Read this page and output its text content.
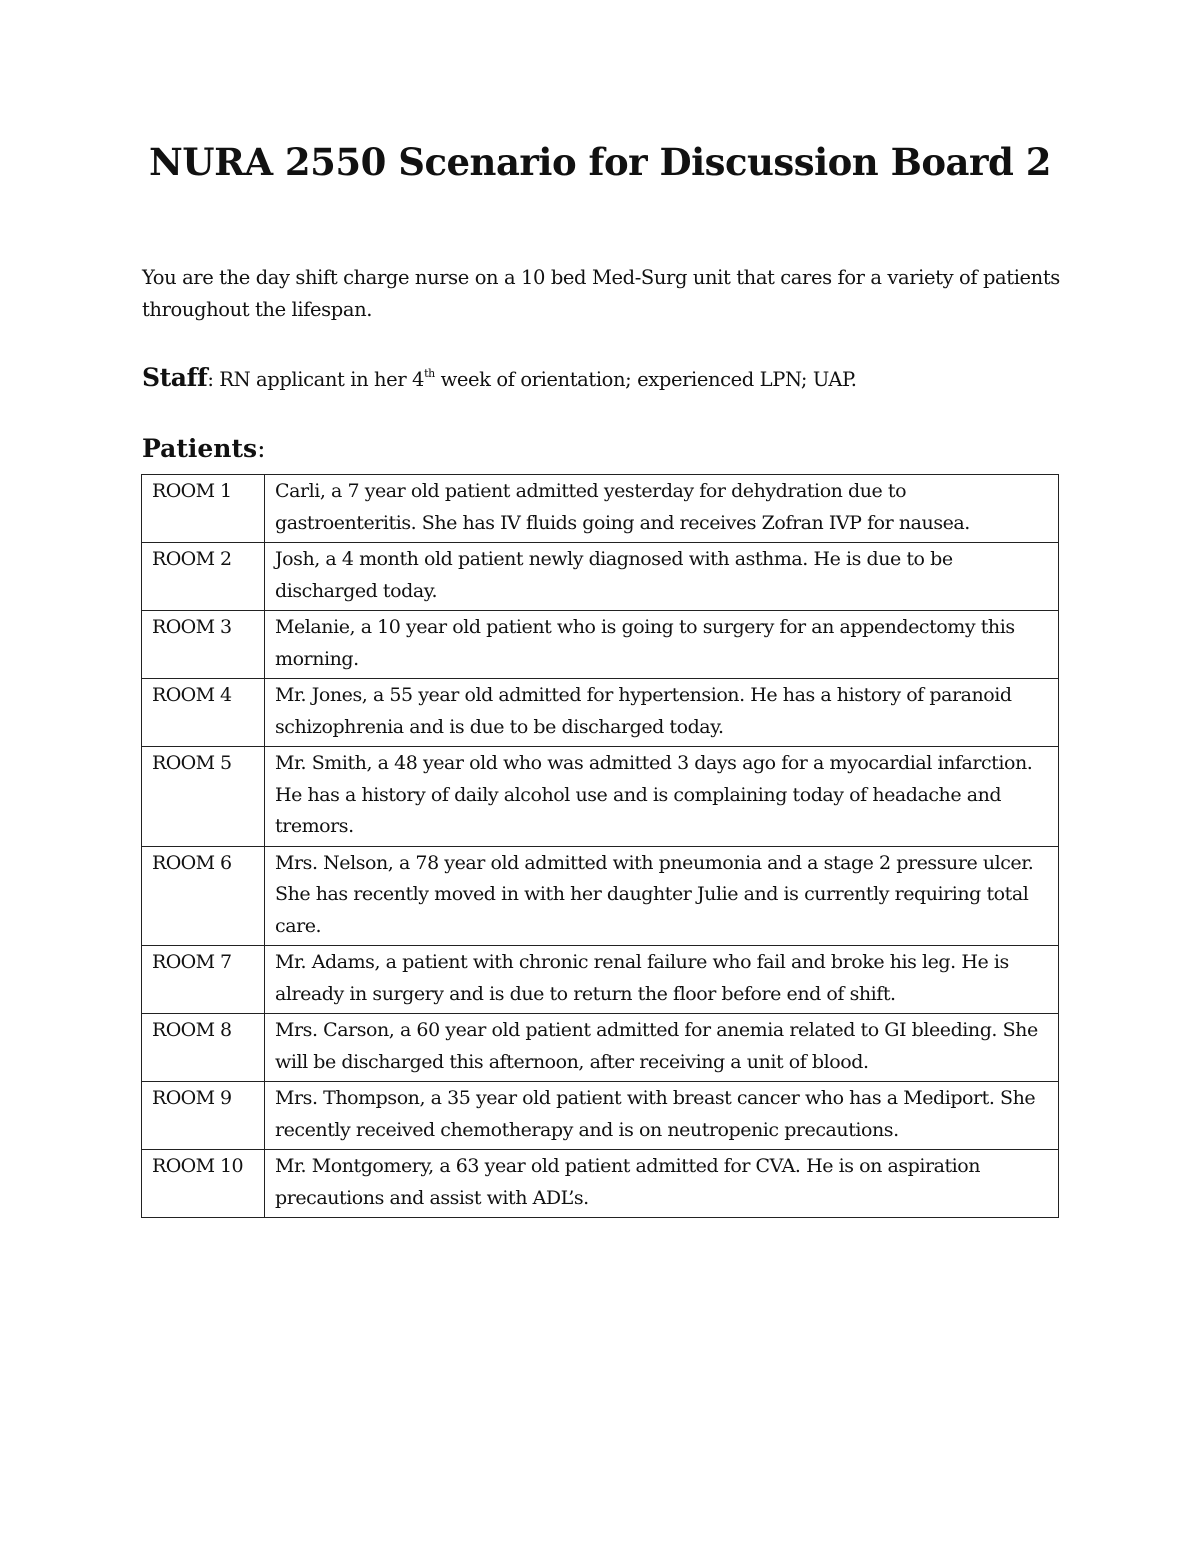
NURA 2550 Scenario for Discussion Board 2

You are the day shift charge nurse on a 10 bed Med-Surg unit that cares for a variety of patients throughout the lifespan.

Staff: RN applicant in her 4th week of orientation; experienced LPN; UAP.

Patients:
ROOM 1	Carli, a 7 year old patient admitted yesterday for dehydration due to gastroenteritis. She has IV fluids going and receives Zofran IVP for nausea.
ROOM 2	Josh, a 4 month old patient newly diagnosed with asthma. He is due to be discharged today.
ROOM 3	Melanie, a 10 year old patient who is going to surgery for an appendectomy this morning.
ROOM 4	Mr. Jones, a 55 year old admitted for hypertension. He has a history of paranoid schizophrenia and is due to be discharged today.
ROOM 5	Mr. Smith, a 48 year old who was admitted 3 days ago for a myocardial infarction. He has a history of daily alcohol use and is complaining today of headache and tremors.
ROOM 6	Mrs. Nelson, a 78 year old admitted with pneumonia and a stage 2 pressure ulcer. She has recently moved in with her daughter Julie and is currently requiring total care.
ROOM 7	Mr. Adams, a patient with chronic renal failure who fail and broke his leg. He is already in surgery and is due to return the floor before end of shift.
ROOM 8	Mrs. Carson, a 60 year old patient admitted for anemia related to GI bleeding. She will be discharged this afternoon, after receiving a unit of blood.
ROOM 9	Mrs. Thompson, a 35 year old patient with breast cancer who has a Mediport. She recently received chemotherapy and is on neutropenic precautions.
ROOM 10	Mr. Montgomery, a 63 year old patient admitted for CVA. He is on aspiration precautions and assist with ADL’s.
